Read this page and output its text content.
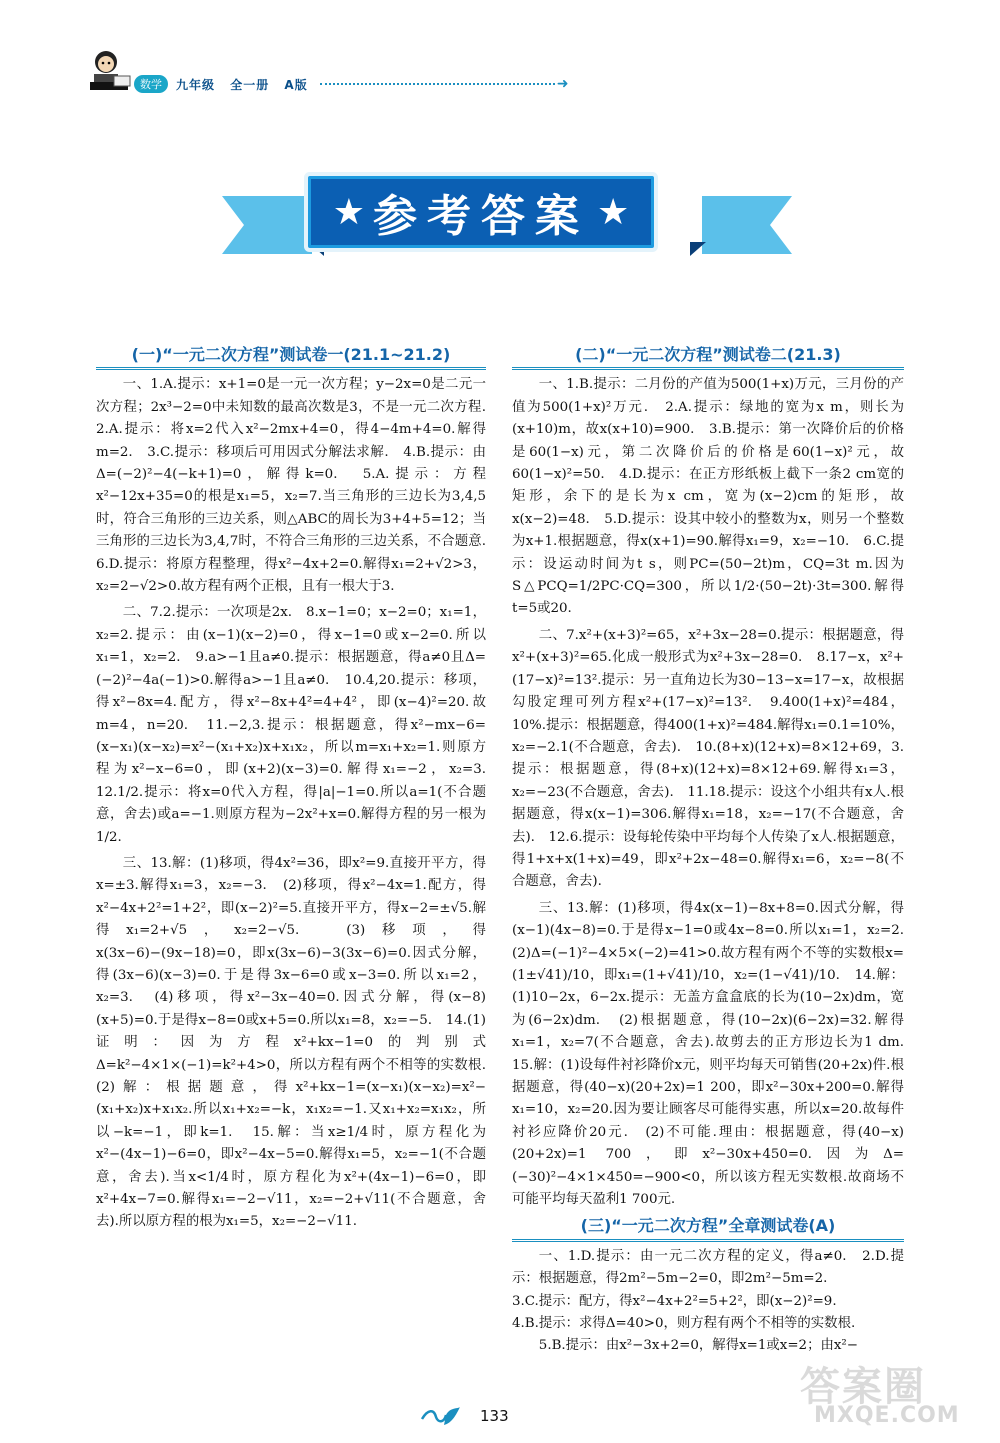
数学	九年级 全一册 A版	➜
★ 参考答案 ★
(一)“一元二次方程”测试卷一(21.1~21.2)

一、1.A.提示：x+1=0是一元一次方程；y−2x=0是二元一次方程；2x³−2=0中未知数的最高次数是3，不是一元二次方程.　2.A.提示：将x=2代入x²−2mx+4=0，得4−4m+4=0.解得m=2.　3.C.提示：移项后可用因式分解法求解.　4.B.提示：由Δ=(−2)²−4(−k+1)=0，解得k=0.　5.A.提示：方程x²−12x+35=0的根是x₁=5，x₂=7.当三角形的三边长为3,4,5时，符合三角形的三边关系，则△ABC的周长为3+4+5=12；当三角形的三边长为3,4,7时，不符合三角形的三边关系，不合题意.　6.D.提示：将原方程整理，得x²−4x+2=0.解得x₁=2+√2>3，x₂=2−√2>0.故方程有两个正根，且有一根大于3.

二、7.2.提示：一次项是2x.　8.x−1=0；x−2=0；x₁=1，x₂=2.提示：由(x−1)(x−2)=0，得x−1=0或x−2=0.所以x₁=1，x₂=2.　9.a>−1且a≠0.提示：根据题意，得a≠0且Δ=(−2)²−4a(−1)>0.解得a>−1且a≠0.　10.4,20.提示：移项，得x²−8x=4.配方，得x²−8x+4²=4+4²，即(x−4)²=20.故m=4，n=20.　11.−2,3.提示：根据题意，得x²−mx−6=(x−x₁)(x−x₂)=x²−(x₁+x₂)x+x₁x₂，所以m=x₁+x₂=1.则原方程为x²−x−6=0，即(x+2)(x−3)=0.解得x₁=−2，x₂=3.　12.1/2.提示：将x=0代入方程，得|a|−1=0.所以a=1(不合题意，舍去)或a=−1.则原方程为−2x²+x=0.解得方程的另一根为1/2.

三、13.解：(1)移项，得4x²=36，即x²=9.直接开平方，得x=±3.解得x₁=3，x₂=−3.　(2)移项，得x²−4x=1.配方，得x²−4x+2²=1+2²，即(x−2)²=5.直接开平方，得x−2=±√5.解得x₁=2+√5，x₂=2−√5.　(3)移项，得x(3x−6)−(9x−18)=0，即x(3x−6)−3(3x−6)=0.因式分解，得(3x−6)(x−3)=0.于是得3x−6=0或x−3=0.所以x₁=2，x₂=3.　(4)移项，得x²−3x−40=0.因式分解，得(x−8)(x+5)=0.于是得x−8=0或x+5=0.所以x₁=8，x₂=−5.　14.(1)证明：因为方程x²+kx−1=0的判别式Δ=k²−4×1×(−1)=k²+4>0，所以方程有两个不相等的实数根.　(2)解：根据题意，得x²+kx−1=(x−x₁)(x−x₂)=x²−(x₁+x₂)x+x₁x₂.所以x₁+x₂=−k，x₁x₂=−1.又x₁+x₂=x₁x₂，所以−k=−1，即k=1.　15.解：当x≥1/4时，原方程化为x²−(4x−1)−6=0，即x²−4x−5=0.解得x₁=5，x₂=−1(不合题意，舍去).当x<1/4时，原方程化为x²+(4x−1)−6=0，即x²+4x−7=0.解得x₁=−2−√11，x₂=−2+√11(不合题意，舍去).所以原方程的根为x₁=5，x₂=−2−√11.

(二)“一元二次方程”测试卷二(21.3)

一、1.B.提示：二月份的产值为500(1+x)万元，三月份的产值为500(1+x)²万元.　2.A.提示：绿地的宽为x m，则长为(x+10)m，故x(x+10)=900.　3.B.提示：第一次降价后的价格是60(1−x)元，第二次降价后的价格是60(1−x)²元，故60(1−x)²=50.　4.D.提示：在正方形纸板上截下一条2 cm宽的矩形，余下的是长为x cm，宽为(x−2)cm的矩形，故x(x−2)=48.　5.D.提示：设其中较小的整数为x，则另一个整数为x+1.根据题意，得x(x+1)=90.解得x₁=9，x₂=−10.　6.C.提示：设运动时间为t s，则PC=(50−2t)m，CQ=3t m.因为S△PCQ=1/2PC·CQ=300，所以1/2·(50−2t)·3t=300.解得t=5或20.

二、7.x²+(x+3)²=65，x²+3x−28=0.提示：根据题意，得x²+(x+3)²=65.化成一般形式为x²+3x−28=0.　8.17−x，x²+(17−x)²=13².提示：另一直角边长为30−13−x=17−x，故根据勾股定理可列方程x²+(17−x)²=13².　9.400(1+x)²=484，10%.提示：根据题意，得400(1+x)²=484.解得x₁=0.1=10%，x₂=−2.1(不合题意，舍去).　10.(8+x)(12+x)=8×12+69，3.提示：根据题意，得(8+x)(12+x)=8×12+69.解得x₁=3，x₂=−23(不合题意，舍去).　11.18.提示：设这个小组共有x人.根据题意，得x(x−1)=306.解得x₁=18，x₂=−17(不合题意，舍去).　12.6.提示：设每轮传染中平均每个人传染了x人.根据题意，得1+x+x(1+x)=49，即x²+2x−48=0.解得x₁=6，x₂=−8(不合题意，舍去).

三、13.解：(1)移项，得4x(x−1)−8x+8=0.因式分解，得(x−1)(4x−8)=0.于是得x−1=0或4x−8=0.所以x₁=1，x₂=2.　(2)Δ=(−1)²−4×5×(−2)=41>0.故方程有两个不等的实数根x=(1±√41)/10，即x₁=(1+√41)/10，x₂=(1−√41)/10.　14.解：(1)10−2x，6−2x.提示：无盖方盒盒底的长为(10−2x)dm，宽为(6−2x)dm.　(2)根据题意，得(10−2x)(6−2x)=32.解得x₁=1，x₂=7(不合题意，舍去).故剪去的正方形边长为1 dm.　15.解：(1)设每件衬衫降价x元，则平均每天可销售(20+2x)件.根据题意，得(40−x)(20+2x)=1 200，即x²−30x+200=0.解得x₁=10，x₂=20.因为要让顾客尽可能得实惠，所以x=20.故每件衬衫应降价20元.　(2)不可能.理由：根据题意，得(40−x)(20+2x)=1 700，即x²−30x+450=0.因为Δ=(−30)²−4×1×450=−900<0，所以该方程无实数根.故商场不可能平均每天盈利1 700元.

(三)“一元二次方程”全章测试卷(A)

一、1.D.提示：由一元二次方程的定义，得a≠0.　2.D.提示：根据题意，得2m²−5m−2=0，即2m²−5m=2.

3.C.提示：配方，得x²−4x+2²=5+2²，即(x−2)²=9.

4.B.提示：求得Δ=40>0，则方程有两个不相等的实数根.

5.B.提示：由x²−3x+2=0，解得x=1或x=2；由x²−

133
答案圈
MXQE.COM
